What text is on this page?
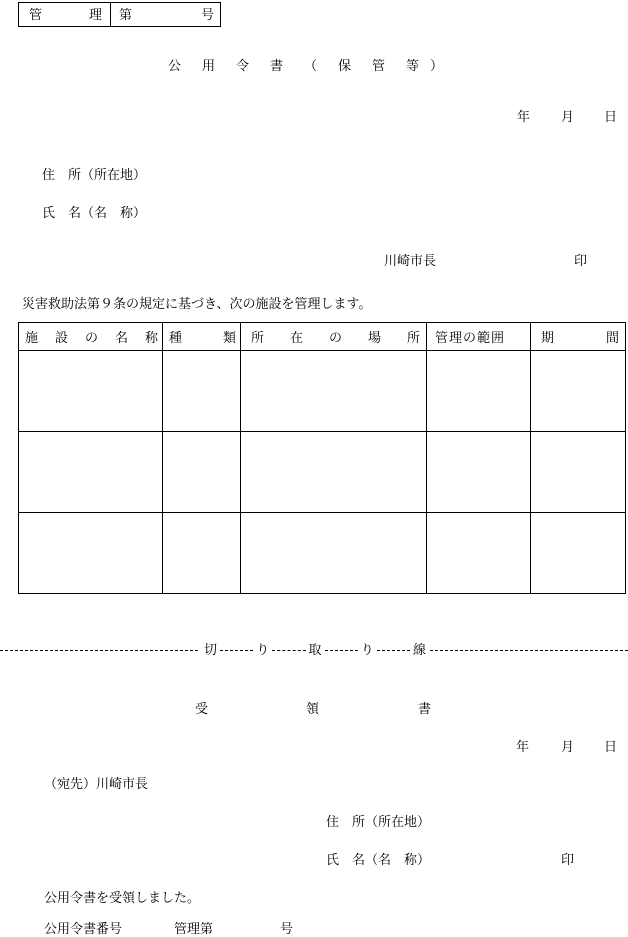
管	理 第	号
公 用 令 書 （ 保 管 等 ）
年 月 日
住　所（所在地）
氏　名（名　称）
川崎市長	印
災害救助法第９条の規定に基づき、次の施設を管理します。
施 設 の 名 称	種 類	所 在 の 場 所	管理の範囲	期 間

切	り	取	り	線
受	領	書
年 月 日
（宛先）川崎市長
住　所（所在地）
氏　名（名　称）	印
公用令書を受領しました。
公用令書番号	管理第	号
